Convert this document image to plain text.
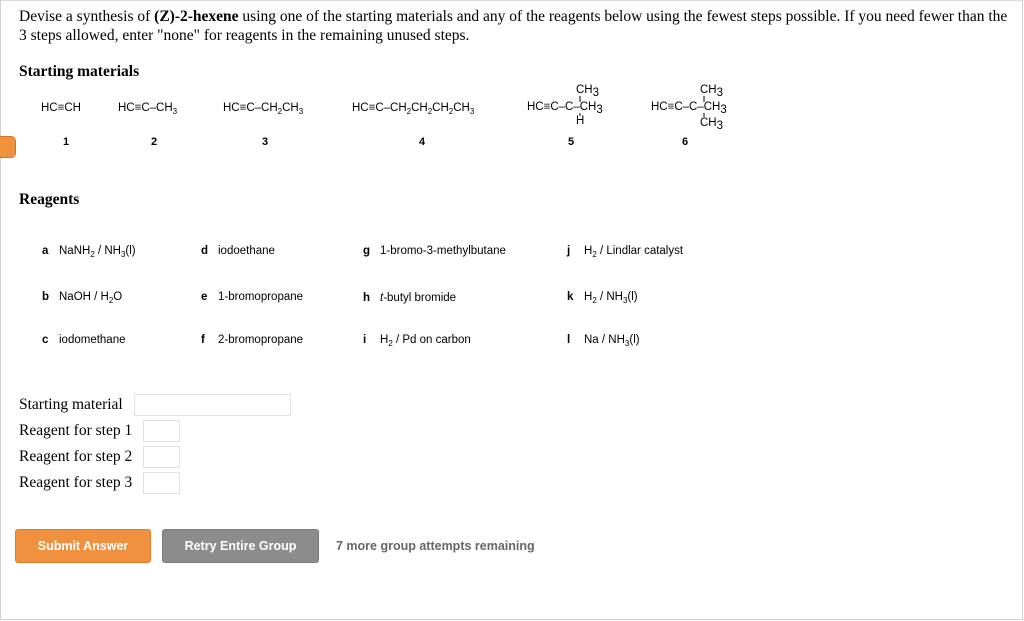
Devise a synthesis of (Z)-2-hexene using one of the starting materials and any of the reagents below using the fewest steps possible. If you need fewer than the 3 steps allowed, enter "none" for reagents in the remaining unused steps.
Starting materials
HC≡CH	$HC\equiv C-CH_3$	$HC\equiv C-CH_2CH_3$	$HC\equiv C-CH_2CH_2CH_2CH_3$
CH3
HC≡C–C–CH3
H
CH3
HC≡C–C–CH3
CH3
1	2	3	4	5	6
Reagents
a NaNH$_2$ / $NH_3(l)$
b NaOH / $H_2O$
c iodomethane
d iodoethane
e 1-bromopropane
f 2-bromopropane
g 1-bromo-3-methylbutane
h t-butyl bromide
i $H_2$ / Pd on carbon
j $H_2$ / Lindlar catalyst
k $H_2 / NH_3(l)$
l Na / $NH_3(l)$
Starting material
Reagent for step 1
Reagent for step 2
Reagent for step 3
Submit Answer	Retry Entire Group	7 more group attempts remaining
